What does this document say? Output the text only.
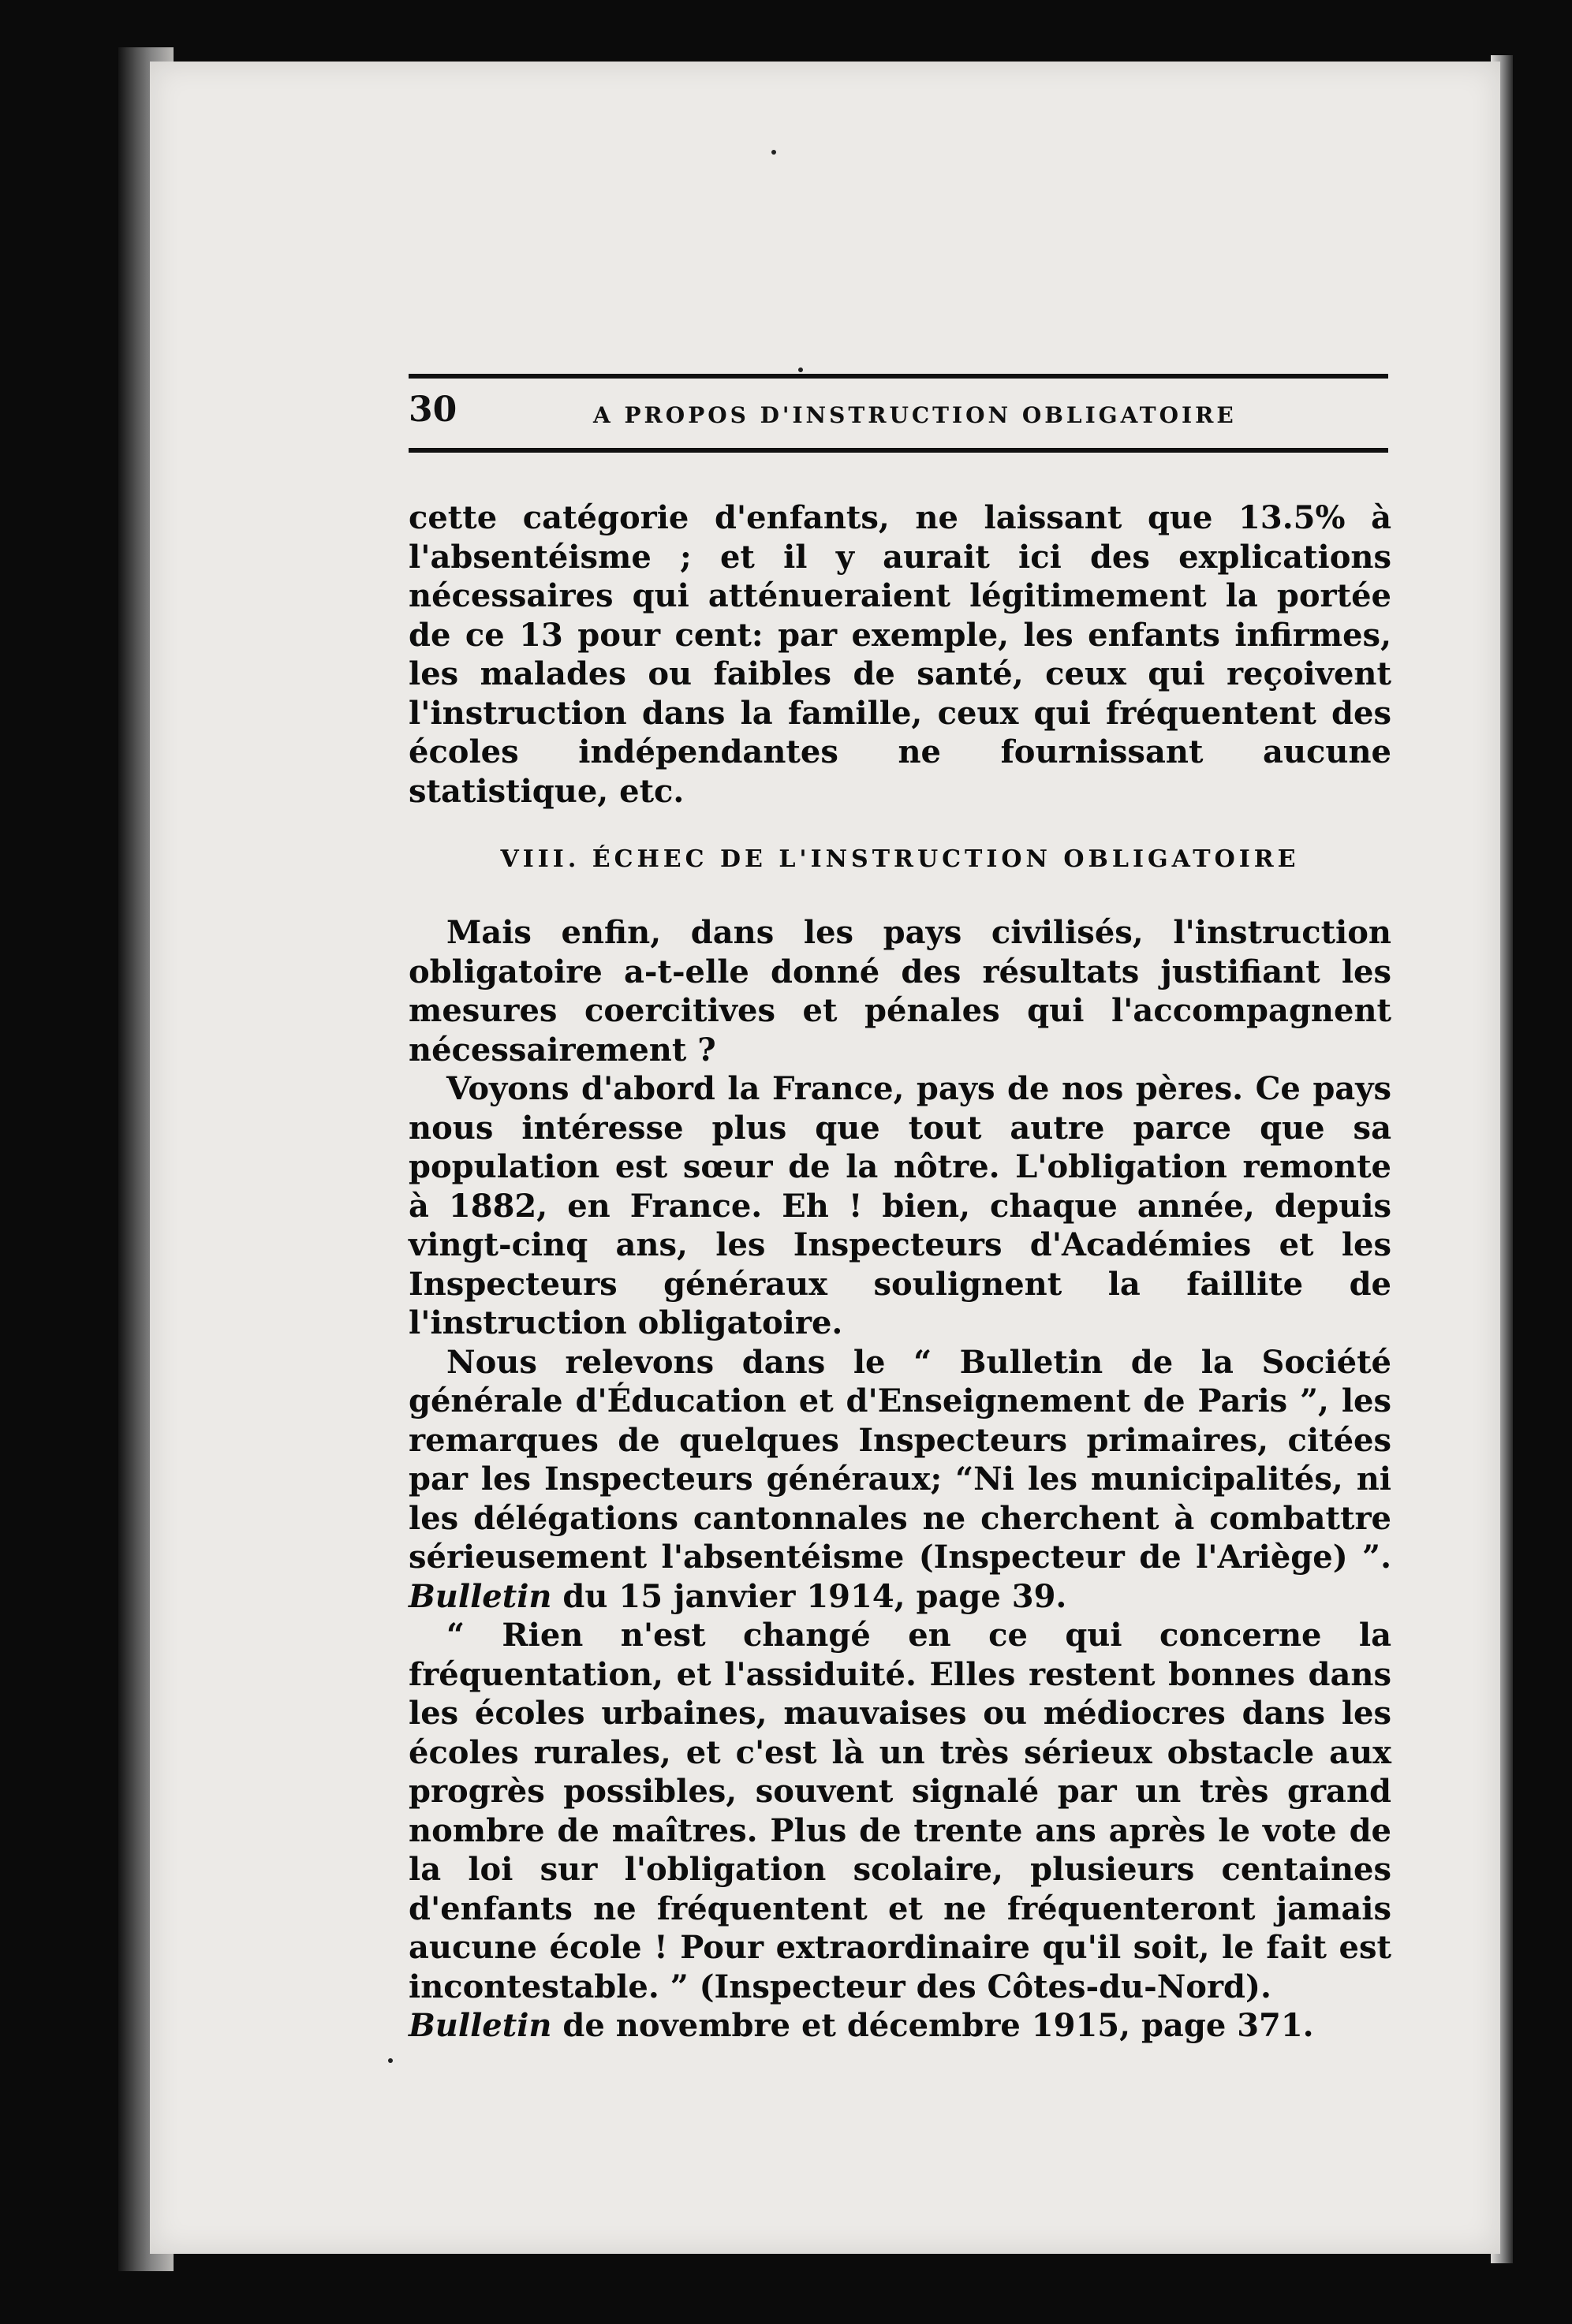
30	A PROPOS D'INSTRUCTION OBLIGATOIRE

cette catégorie d'enfants, ne laissant que 13.5% à l'absentéisme ; et il y aurait ici des explications nécessaires qui atténueraient légitimement la portée de ce 13 pour cent: par exemple, les enfants infirmes, les malades ou faibles de santé, ceux qui reçoivent l'instruction dans la famille, ceux qui fréquentent des écoles indépendantes ne fournissant aucune statistique, etc.

VIII. ÉCHEC DE L'INSTRUCTION OBLIGATOIRE

Mais enfin, dans les pays civilisés, l'instruction obligatoire a-t-elle donné des résultats justifiant les mesures coercitives et pénales qui l'accompagnent nécessairement ?

Voyons d'abord la France, pays de nos pères. Ce pays nous intéresse plus que tout autre parce que sa population est sœur de la nôtre. L'obligation remonte à 1882, en France. Eh ! bien, chaque année, depuis vingt-cinq ans, les Inspecteurs d'Académies et les Inspecteurs généraux soulignent la faillite de l'instruction obligatoire.

Nous relevons dans le “ Bulletin de la Société générale d'Éducation et d'Enseignement de Paris ”, les remarques de quelques Inspecteurs primaires, citées par les Inspecteurs généraux; “Ni les municipalités, ni les délégations cantonnales ne cherchent à combattre sérieusement l'absentéisme (Inspecteur de l'Ariège) ”. Bulletin du 15 janvier 1914, page 39.

“ Rien n'est changé en ce qui concerne la fréquentation, et l'assiduité. Elles restent bonnes dans les écoles urbaines, mauvaises ou médiocres dans les écoles rurales, et c'est là un très sérieux obstacle aux progrès possibles, souvent signalé par un très grand nombre de maîtres. Plus de trente ans après le vote de la loi sur l'obligation scolaire, plusieurs centaines d'enfants ne fréquentent et ne fréquenteront jamais aucune école ! Pour extraordinaire qu'il soit, le fait est incontestable. ” (Inspecteur des Côtes-du-Nord).

Bulletin de novembre et décembre 1915, page 371.
